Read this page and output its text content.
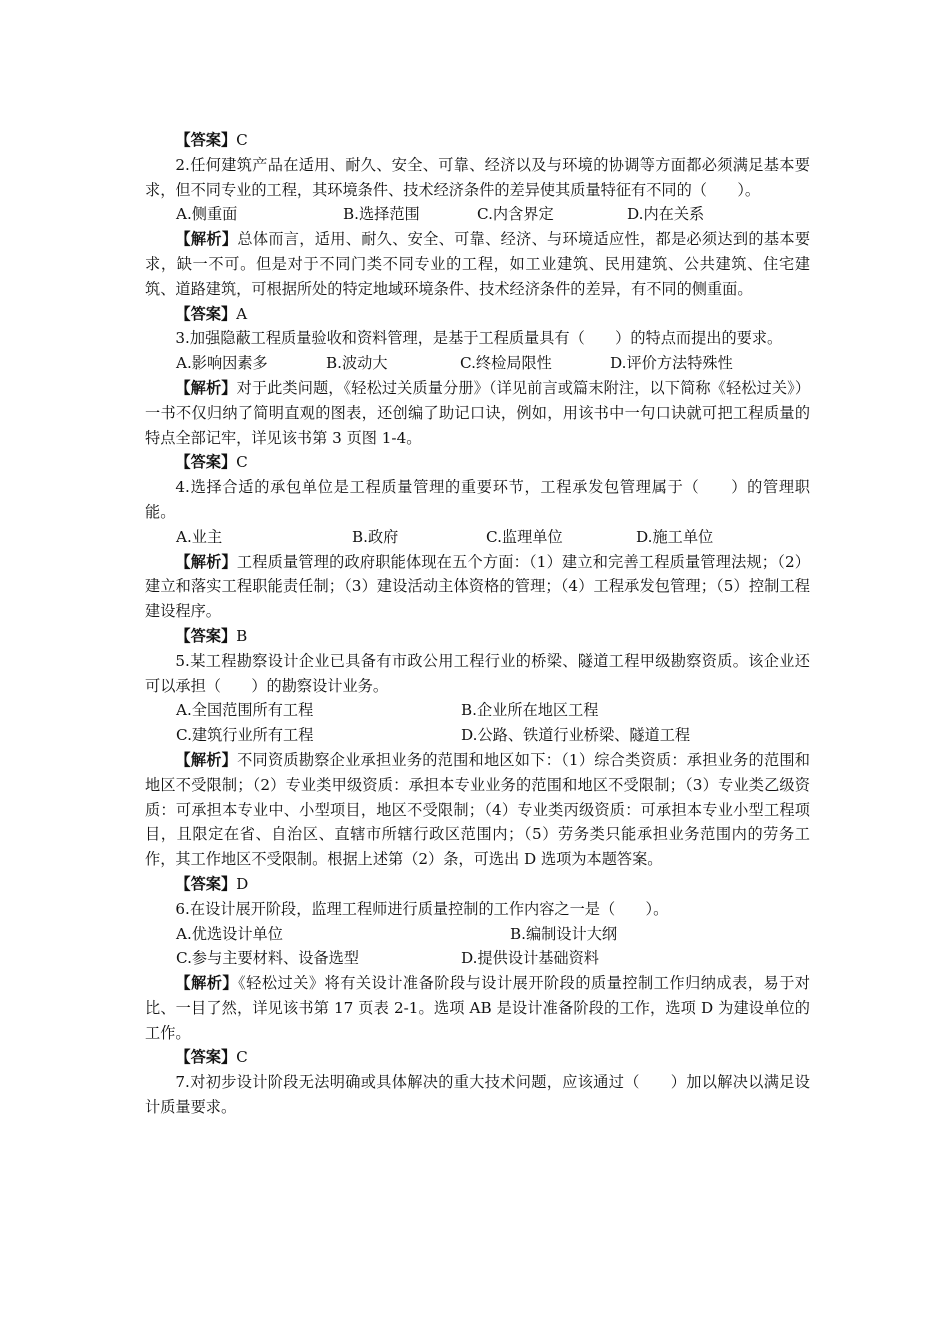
【答案】C

2.任何建筑产品在适用、耐久、安全、可靠、经济以及与环境的协调等方面都必须满足基本要求，但不同专业的工程，其环境条件、技术经济条件的差异使其质量特征有不同的（　　）。

A.侧重面	B.选择范围	C.内含界定	D.内在关系

【解析】总体而言，适用、耐久、安全、可靠、经济、与环境适应性，都是必须达到的基本要求，缺一不可。但是对于不同门类不同专业的工程，如工业建筑、民用建筑、公共建筑、住宅建筑、道路建筑，可根据所处的特定地域环境条件、技术经济条件的差异，有不同的侧重面。

【答案】A

3.加强隐蔽工程质量验收和资料管理，是基于工程质量具有（　　）的特点而提出的要求。

A.影响因素多	B.波动大	C.终检局限性	D.评价方法特殊性

【解析】对于此类问题，《轻松过关质量分册》（详见前言或篇末附注，以下简称《轻松过关》）一书不仅归纳了简明直观的图表，还创编了助记口诀，例如，用该书中一句口诀就可把工程质量的特点全部记牢，详见该书第 3 页图 1-4。

【答案】C

4.选择合适的承包单位是工程质量管理的重要环节，工程承发包管理属于（　　）的管理职能。

A.业主	B.政府	C.监理单位	D.施工单位

【解析】工程质量管理的政府职能体现在五个方面：（1）建立和完善工程质量管理法规；（2）建立和落实工程职能责任制；（3）建设活动主体资格的管理；（4）工程承发包管理；（5）控制工程建设程序。

【答案】B

5.某工程勘察设计企业已具备有市政公用工程行业的桥梁、隧道工程甲级勘察资质。该企业还可以承担（　　）的勘察设计业务。

A.全国范围所有工程	B.企业所在地区工程
C.建筑行业所有工程	D.公路、铁道行业桥梁、隧道工程

【解析】不同资质勘察企业承担业务的范围和地区如下：（1）综合类资质：承担业务的范围和地区不受限制；（2）专业类甲级资质：承担本专业业务的范围和地区不受限制；（3）专业类乙级资质：可承担本专业中、小型项目，地区不受限制；（4）专业类丙级资质：可承担本专业小型工程项目，且限定在省、自治区、直辖市所辖行政区范围内；（5）劳务类只能承担业务范围内的劳务工作，其工作地区不受限制。根据上述第（2）条，可选出 D 选项为本题答案。

【答案】D

6.在设计展开阶段，监理工程师进行质量控制的工作内容之一是（　　）。

A.优选设计单位	B.编制设计大纲
C.参与主要材料、设备选型	D.提供设计基础资料

【解析】《轻松过关》将有关设计准备阶段与设计展开阶段的质量控制工作归纳成表，易于对比、一目了然，详见该书第 17 页表 2-1。选项 AB 是设计准备阶段的工作，选项 D 为建设单位的工作。

【答案】C

7.对初步设计阶段无法明确或具体解决的重大技术问题，应该通过（　　）加以解决以满足设计质量要求。
